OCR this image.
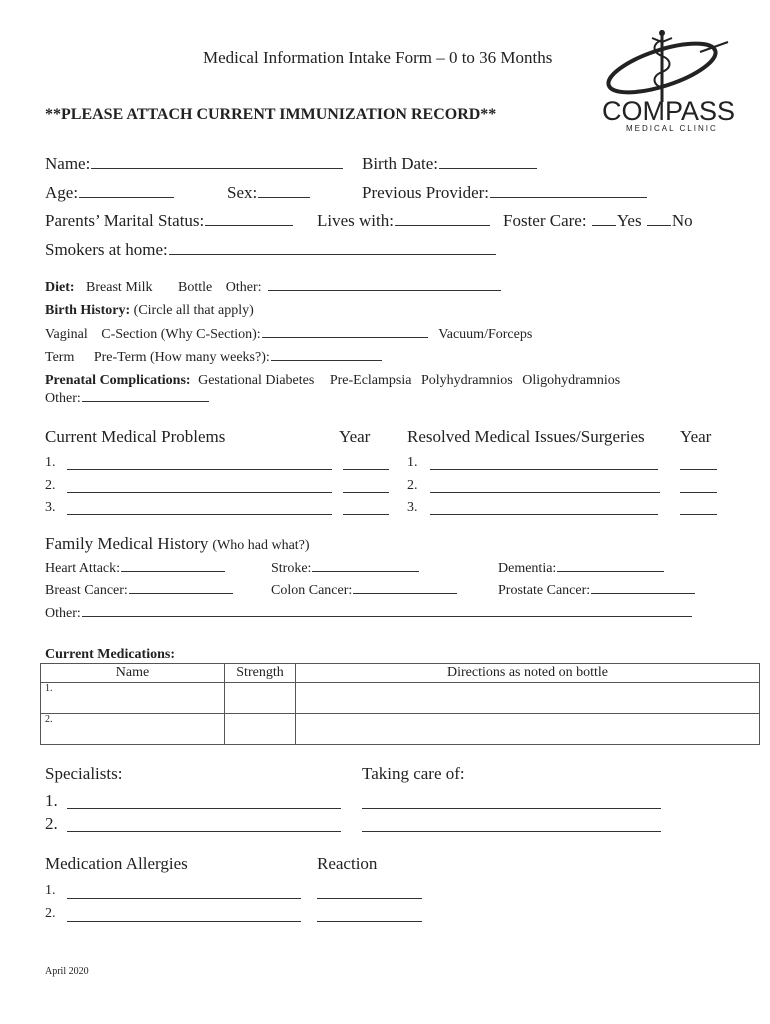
Medical Information Intake Form – 0 to 36 Months
**PLEASE ATTACH CURRENT IMMUNIZATION RECORD**	COMPASS
MEDICAL CLINIC
Name:	Birth Date:
Age:	Sex:	Previous Provider:
Parents’ Marital Status:	Lives with:	Foster Care: Yes No
Smokers at home:
Diet: Breast Milk Bottle Other:
Birth History: (Circle all that apply)
Vaginal C-Section (Why C-Section):	Vacuum/Forceps
Term Pre-Term (How many weeks?):
Prenatal Complications: Gestational Diabetes Pre-Eclampsia Polyhydramnios Oligohydramnios
Other:
Current Medical Problems	Year Resolved Medical Issues/Surgeries Year
1.
2.
3.
1.
2.
3.
Family Medical History (Who had what?)
Heart Attack:	Stroke:	Dementia:
Breast Cancer:	Colon Cancer:	Prostate Cancer:
Other:
Current Medications:
Name	Strength	Directions as noted on bottle
1.		
2.		
Specialists:	Taking care of:
1.
2.
Medication Allergies	Reaction
1.
2.
April 2020
